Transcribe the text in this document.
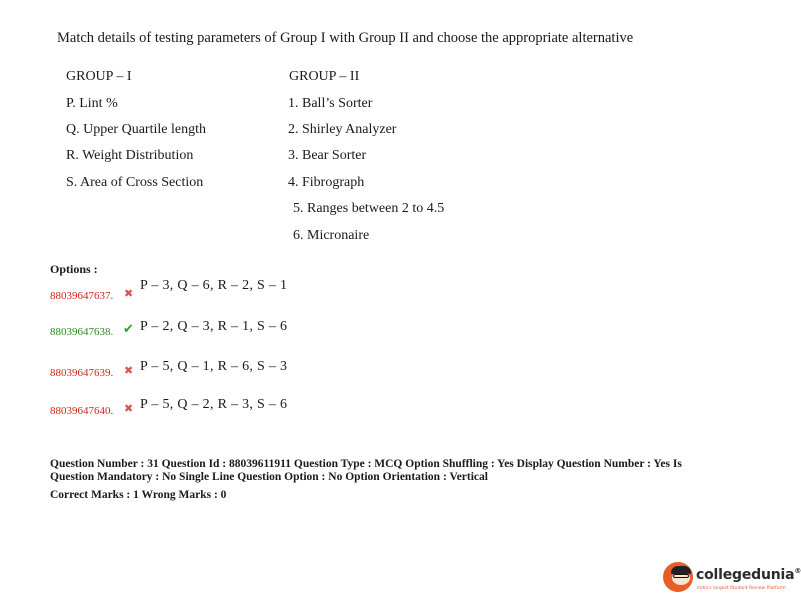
Match details of testing parameters of Group I with Group II and choose the appropriate alternative
GROUP – I	GROUP – II
P. Lint %
Q. Upper Quartile length
R. Weight Distribution
S. Area of Cross Section
1. Ball’s Sorter
2. Shirley Analyzer
3. Bear Sorter
4. Fibrograph
5. Ranges between 2 to 4.5
6. Micronaire
Options :
88039647637. ✖
P – 3, Q – 6, R – 2, S – 1
88039647638. ✔ P – 2, Q – 3, R – 1, S – 6
88039647639. ✖ P – 5, Q – 1, R – 6, S – 3
88039647640. ✖ P – 5, Q – 2, R – 3, S – 6
Question Number : 31 Question Id : 88039611911 Question Type : MCQ Option Shuffling : Yes Display Question Number : Yes Is
Question Mandatory : No Single Line Question Option : No Option Orientation : Vertical
Correct Marks : 1 Wrong Marks : 0
collegedunia®
India's largest Student Review Platform
